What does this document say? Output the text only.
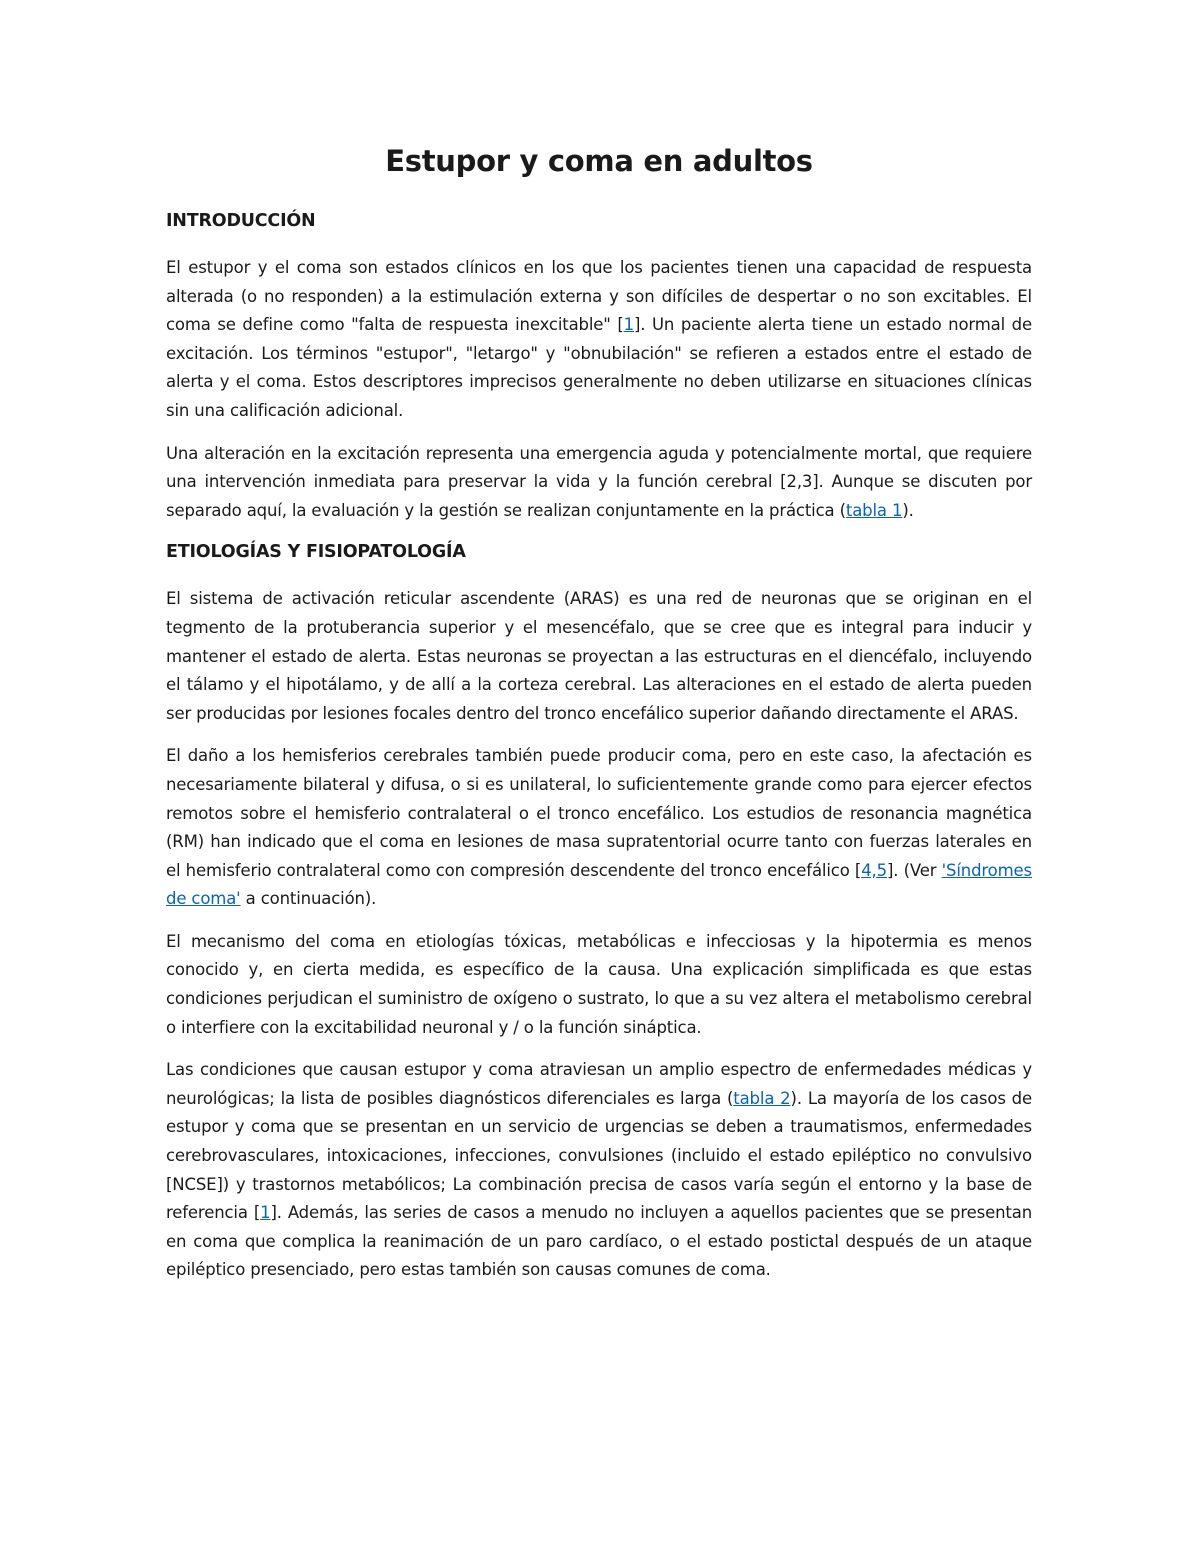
Estupor y coma en adultos
INTRODUCCIÓN

El estupor y el coma son estados clínicos en los que los pacientes tienen una capacidad de respuesta alterada (o no responden) a la estimulación externa y son difíciles de despertar o no son excitables. El coma se define como "falta de respuesta inexcitable" [1]. Un paciente alerta tiene un estado normal de excitación. Los términos "estupor", "letargo" y "obnubilación" se refieren a estados entre el estado de alerta y el coma. Estos descriptores imprecisos generalmente no deben utilizarse en situaciones clínicas sin una calificación adicional.

Una alteración en la excitación representa una emergencia aguda y potencialmente mortal, que requiere una intervención inmediata para preservar la vida y la función cerebral [2,3]. Aunque se discuten por separado aquí, la evaluación y la gestión se realizan conjuntamente en la práctica (tabla 1).

ETIOLOGÍAS Y FISIOPATOLOGÍA

El sistema de activación reticular ascendente (ARAS) es una red de neuronas que se originan en el tegmento de la protuberancia superior y el mesencéfalo, que se cree que es integral para inducir y mantener el estado de alerta. Estas neuronas se proyectan a las estructuras en el diencéfalo, incluyendo el tálamo y el hipotálamo, y de allí a la corteza cerebral. Las alteraciones en el estado de alerta pueden ser producidas por lesiones focales dentro del tronco encefálico superior dañando directamente el ARAS.

El daño a los hemisferios cerebrales también puede producir coma, pero en este caso, la afectación es necesariamente bilateral y difusa, o si es unilateral, lo suficientemente grande como para ejercer efectos remotos sobre el hemisferio contralateral o el tronco encefálico. Los estudios de resonancia magnética (RM) han indicado que el coma en lesiones de masa supratentorial ocurre tanto con fuerzas laterales en el hemisferio contralateral como con compresión descendente del tronco encefálico [4,5]. (Ver 'Síndromes de coma' a continuación).

El mecanismo del coma en etiologías tóxicas, metabólicas e infecciosas y la hipotermia es menos conocido y, en cierta medida, es específico de la causa. Una explicación simplificada es que estas condiciones perjudican el suministro de oxígeno o sustrato, lo que a su vez altera el metabolismo cerebral o interfiere con la excitabilidad neuronal y / o la función sináptica.

Las condiciones que causan estupor y coma atraviesan un amplio espectro de enfermedades médicas y neurológicas; la lista de posibles diagnósticos diferenciales es larga (tabla 2). La mayoría de los casos de estupor y coma que se presentan en un servicio de urgencias se deben a traumatismos, enfermedades cerebrovasculares, intoxicaciones, infecciones, convulsiones (incluido el estado epiléptico no convulsivo [NCSE]) y trastornos metabólicos; La combinación precisa de casos varía según el entorno y la base de referencia [1]. Además, las series de casos a menudo no incluyen a aquellos pacientes que se presentan en coma que complica la reanimación de un paro cardíaco, o el estado postictal después de un ataque epiléptico presenciado, pero estas también son causas comunes de coma.
